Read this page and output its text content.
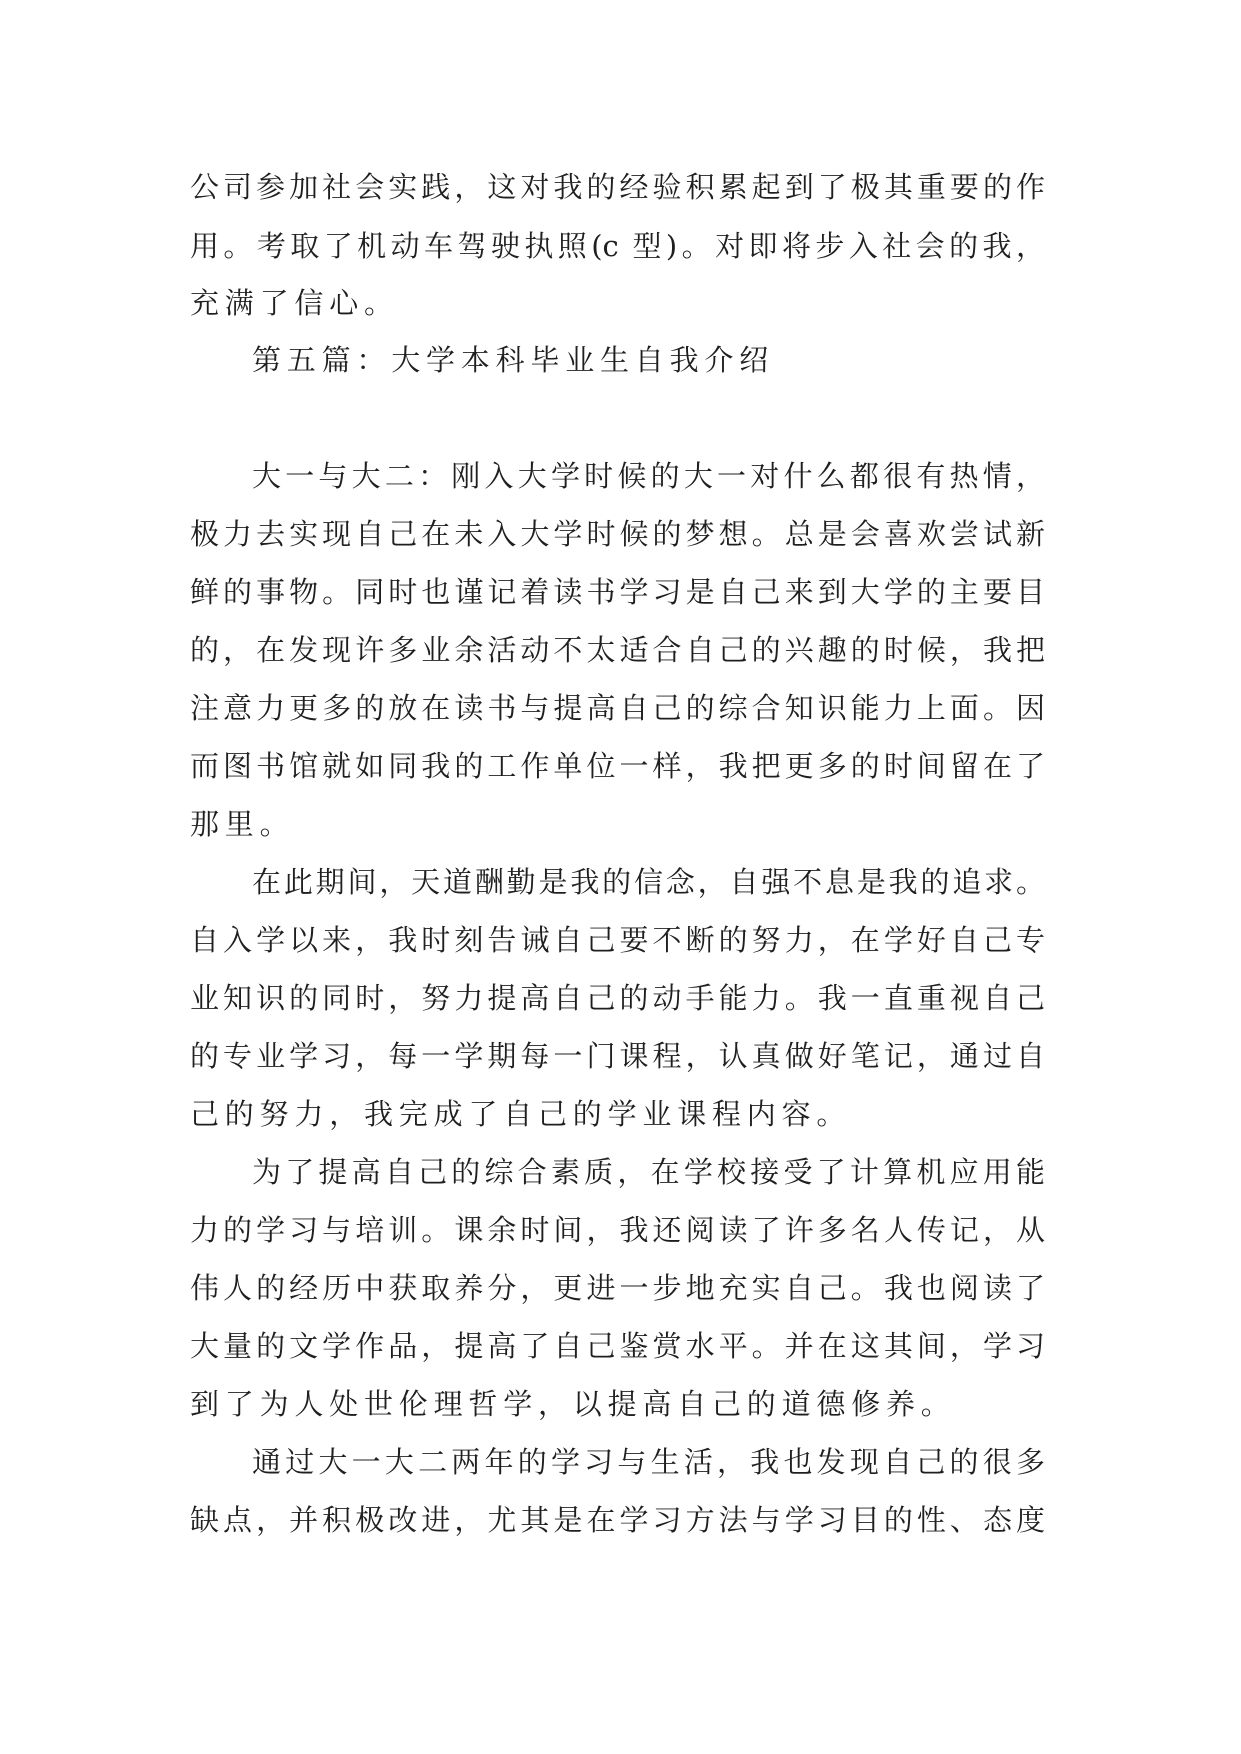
公司参加社会实践，这对我的经验积累起到了极其重要的作
用。考取了机动车驾驶执照(c 型)。对即将步入社会的我，
充满了信心。
第五篇：大学本科毕业生自我介绍
大一与大二：刚入大学时候的大一对什么都很有热情，
极力去实现自己在未入大学时候的梦想。总是会喜欢尝试新
鲜的事物。同时也谨记着读书学习是自己来到大学的主要目
的，在发现许多业余活动不太适合自己的兴趣的时候，我把
注意力更多的放在读书与提高自己的综合知识能力上面。因
而图书馆就如同我的工作单位一样，我把更多的时间留在了
那里。
在此期间，天道酬勤是我的信念，自强不息是我的追求。
自入学以来，我时刻告诫自己要不断的努力，在学好自己专
业知识的同时，努力提高自己的动手能力。我一直重视自己
的专业学习，每一学期每一门课程，认真做好笔记，通过自
己的努力，我完成了自己的学业课程内容。
为了提高自己的综合素质，在学校接受了计算机应用能
力的学习与培训。课余时间，我还阅读了许多名人传记，从
伟人的经历中获取养分，更进一步地充实自己。我也阅读了
大量的文学作品，提高了自己鉴赏水平。并在这其间，学习
到了为人处世伦理哲学，以提高自己的道德修养。
通过大一大二两年的学习与生活，我也发现自己的很多
缺点，并积极改进，尤其是在学习方法与学习目的性、态度
